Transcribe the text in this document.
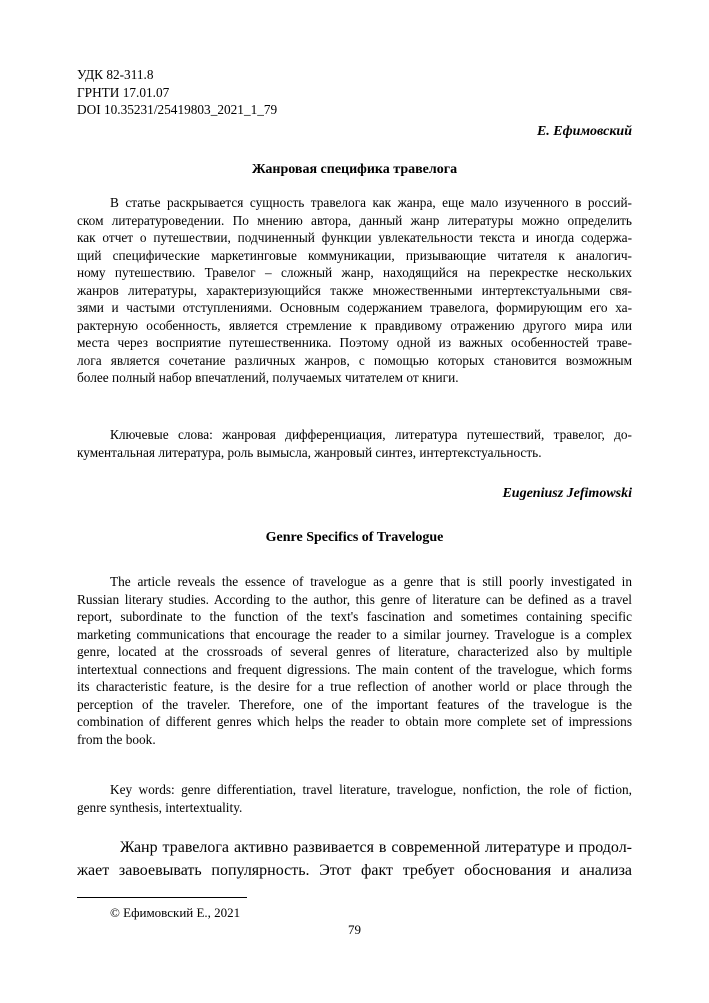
УДК 82-311.8
ГРНТИ 17.01.07
DOI 10.35231/25419803_2021_1_79
Е. Ефимовский
Жанровая специфика травелога
В статье раскрывается сущность травелога как жанра, еще мало изученного в россий-
ском литературоведении. По мнению автора, данный жанр литературы можно определить
как отчет о путешествии, подчиненный функции увлекательности текста и иногда содержа-
щий специфические маркетинговые коммуникации, призывающие читателя к аналогич-
ному путешествию. Травелог – сложный жанр, находящийся на перекрестке нескольких
жанров литературы, характеризующийся также множественными интертекстуальными свя-
зями и частыми отступлениями. Основным содержанием травелога, формирующим его ха-
рактерную особенность, является стремление к правдивому отражению другого мира или
места через восприятие путешественника. Поэтому одной из важных особенностей траве-
лога является сочетание различных жанров, с помощью которых становится возможным
более полный набор впечатлений, получаемых читателем от книги.
Ключевые слова: жанровая дифференциация, литература путешествий, травелог, до-
кументальная литература, роль вымысла, жанровый синтез, интертекстуальность.
Eugeniusz Jefimowski
Genre Specifics of Travelogue
The article reveals the essence of travelogue as a genre that is still poorly investigated in
Russian literary studies. According to the author, this genre of literature can be defined as a travel
report, subordinate to the function of the text's fascination and sometimes containing specific
marketing communications that encourage the reader to a similar journey. Travelogue is a complex
genre, located at the crossroads of several genres of literature, characterized also by multiple
intertextual connections and frequent digressions. The main content of the travelogue, which forms
its characteristic feature, is the desire for a true reflection of another world or place through the
perception of the traveler. Therefore, one of the important features of the travelogue is the
combination of different genres which helps the reader to obtain more complete set of impressions
from the book.
Key words: genre differentiation, travel literature, travelogue, nonfiction, the role of fiction,
genre synthesis, intertextuality.
Жанр травелога активно развивается в современной литературе и продол-
жает завоевывать популярность. Этот факт требует обоснования и анализа
© Ефимовский Е., 2021
79
